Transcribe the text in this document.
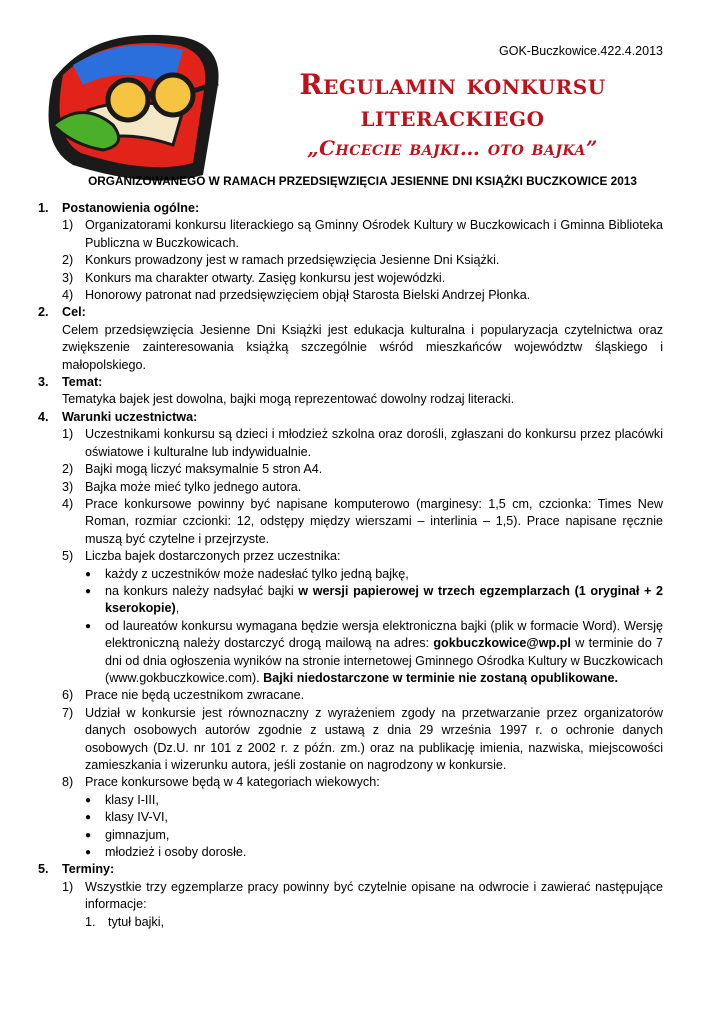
GOK-Buczkowice.422.4.2013
Regulamin konkursu
literackiego
„Chcecie bajki… oto bajka”
ORGANIZOWANEGO W RAMACH PRZEDSIĘWZIĘCIA JESIENNE DNI KSIĄŻKI BUCZKOWICE 2013
1.	Postanowienia ogólne:
1) Organizatorami konkursu literackiego są Gminny Ośrodek Kultury w Buczkowicach i Gminna Biblioteka Publiczna w Buczkowicach.
2) Konkurs prowadzony jest w ramach przedsięwzięcia Jesienne Dni Książki.
3) Konkurs ma charakter otwarty. Zasięg konkursu jest wojewódzki.
4) Honorowy patronat nad przedsięwzięciem objął Starosta Bielski Andrzej Płonka.
2.	Cel:
Celem przedsięwzięcia Jesienne Dni Książki jest edukacja kulturalna i popularyzacja czytelnictwa oraz zwiększenie zainteresowania książką szczególnie wśród mieszkańców województw śląskiego i małopolskiego.
3.	Temat:
Tematyka bajek jest dowolna, bajki mogą reprezentować dowolny rodzaj literacki.
4.	Warunki uczestnictwa:
1) Uczestnikami konkursu są dzieci i młodzież szkolna oraz dorośli, zgłaszani do konkursu przez placówki oświatowe i kulturalne lub indywidualnie.
2) Bajki mogą liczyć maksymalnie 5 stron A4.
3) Bajka może mieć tylko jednego autora.
4) Prace konkursowe powinny być napisane komputerowo (marginesy: 1,5 cm, czcionka: Times New Roman, rozmiar czcionki: 12, odstępy między wierszami – interlinia – 1,5). Prace napisane ręcznie muszą być czytelne i przejrzyste.
5) Liczba bajek dostarczonych przez uczestnika:
●	każdy z uczestników może nadesłać tylko jedną bajkę,
●	na konkurs należy nadsyłać bajki w wersji papierowej w trzech egzemplarzach (1 oryginał + 2 kserokopie),
●	od laureatów konkursu wymagana będzie wersja elektroniczna bajki (plik w formacie Word). Wersję elektroniczną należy dostarczyć drogą mailową na adres: gokbuczkowice@wp.pl w terminie do 7 dni od dnia ogłoszenia wyników na stronie internetowej Gminnego Ośrodka Kultury w Buczkowicach (www.gokbuczkowice.com). Bajki niedostarczone w terminie nie zostaną opublikowane.
6) Prace nie będą uczestnikom zwracane.
7) Udział w konkursie jest równoznaczny z wyrażeniem zgody na przetwarzanie przez organizatorów danych osobowych autorów zgodnie z ustawą z dnia 29 września 1997 r. o ochronie danych osobowych (Dz.U. nr 101 z 2002 r. z późn. zm.) oraz na publikację imienia, nazwiska, miejscowości zamieszkania i wizerunku autora, jeśli zostanie on nagrodzony w konkursie.
8) Prace konkursowe będą w 4 kategoriach wiekowych:
●	klasy I-III,
●	klasy IV-VI,
●	gimnazjum,
●	młodzież i osoby dorosłe.
5.	Terminy:
1) Wszystkie trzy egzemplarze pracy powinny być czytelnie opisane na odwrocie i zawierać następujące informacje:
1. tytuł bajki,
